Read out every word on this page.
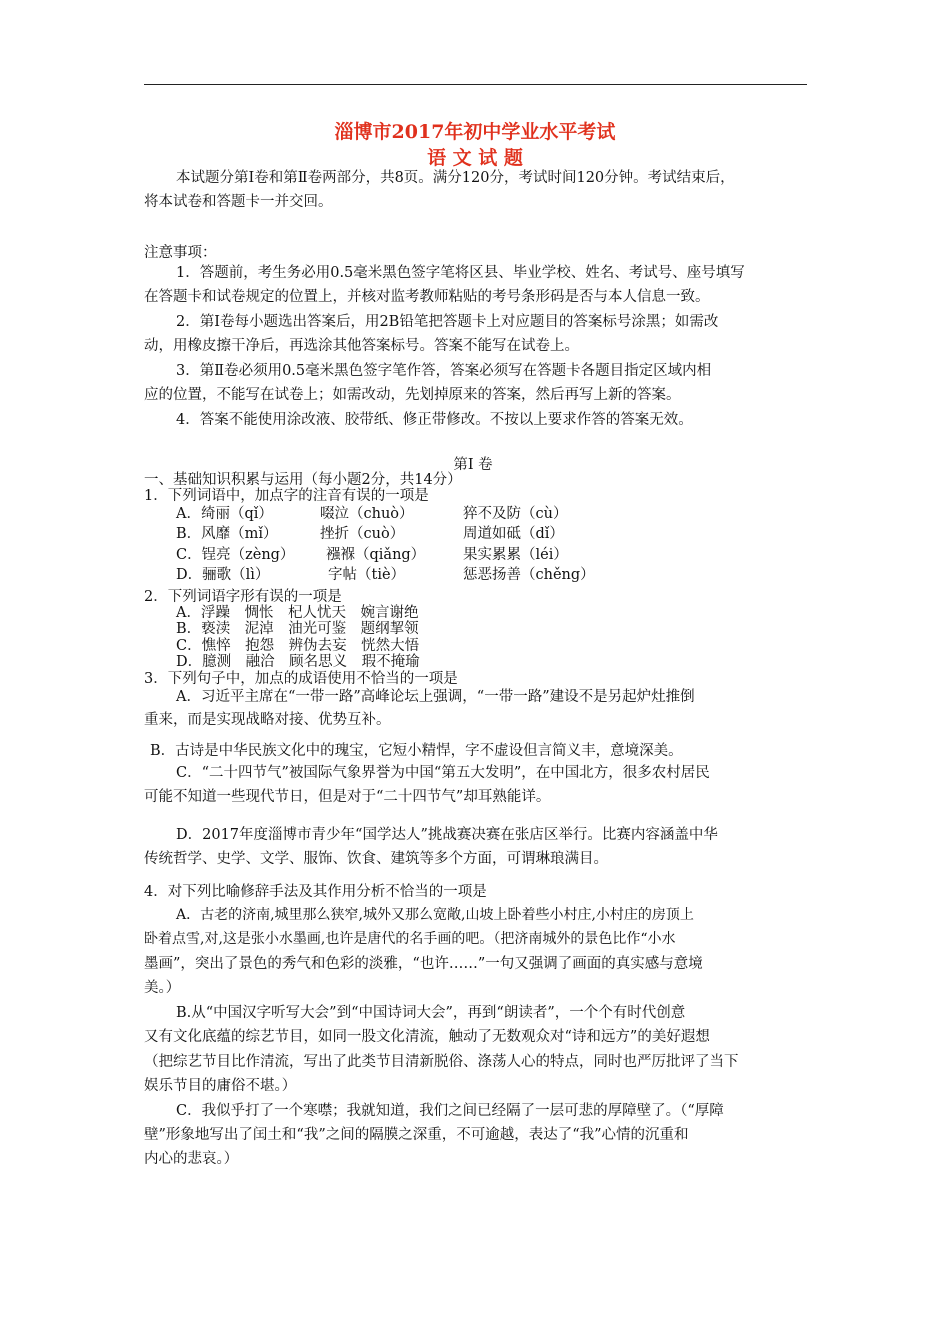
淄博市2017年初中学业水平考试
语 文 试 题
本试题分第Ⅰ卷和第Ⅱ卷两部分，共8页。满分120分，考试时间120分钟。考试结束后，
将本试卷和答题卡一并交回。
注意事项：
1．答题前，考生务必用0.5毫米黑色签字笔将区县、毕业学校、姓名、考试号、座号填写
在答题卡和试卷规定的位置上，并核对监考教师粘贴的考号条形码是否与本人信息一致。
2．第Ⅰ卷每小题选出答案后，用2B铅笔把答题卡上对应题目的答案标号涂黑；如需改
动，用橡皮擦干净后，再选涂其他答案标号。答案不能写在试卷上。
3．第Ⅱ卷必须用0.5毫米黑色签字笔作答，答案必须写在答题卡各题目指定区域内相
应的位置，不能写在试卷上；如需改动，先划掉原来的答案，然后再写上新的答案。
4．答案不能使用涂改液、胶带纸、修正带修改。不按以上要求作答的答案无效。
第Ⅰ 卷
一、基础知识积累与运用（每小题2分，共14分）
1．下列词语中，加点字的注音有误的一项是
A．绮丽（qǐ）	啜泣（chuò）	猝不及防（cù）
B．风靡（mǐ）	挫折（cuò）	周道如砥（dǐ）
C．锃亮（zèng） 襁褓（qiǎng）	果实累累（léi）
D．骊歌（lì）	字帖（tiè）	惩恶扬善（chěng）
2．下列词语字形有误的一项是
A．浮躁　惆怅　杞人忧天　婉言谢绝
B．亵渎　泥淖　油光可鉴　题纲挈领
C．憔悴　抱怨　辨伪去妄　恍然大悟
D．臆测　融洽　顾名思义　瑕不掩瑜
3．下列句子中，加点的成语使用不恰当的一项是
A．习近平主席在“一带一路”高峰论坛上强调，“一带一路”建设不是另起炉灶推倒
重来，而是实现战略对接、优势互补。
B．古诗是中华民族文化中的瑰宝，它短小精悍，字不虚设但言简义丰，意境深美。
C．“二十四节气”被国际气象界誉为中国“第五大发明”，在中国北方，很多农村居民
可能不知道一些现代节日，但是对于“二十四节气”却耳熟能详。
D．2017年度淄博市青少年“国学达人”挑战赛决赛在张店区举行。比赛内容涵盖中华
传统哲学、史学、文学、服饰、饮食、建筑等多个方面，可谓琳琅满目。
4．对下列比喻修辞手法及其作用分析不恰当的一项是
A．古老的济南,城里那么狭窄,城外又那么宽敞,山坡上卧着些小村庄,小村庄的房顶上
卧着点雪,对,这是张小水墨画,也许是唐代的名手画的吧。（把济南城外的景色比作“小水
墨画”，突出了景色的秀气和色彩的淡雅，“也许……”一句又强调了画面的真实感与意境
美。）
B.从“中国汉字听写大会”到“中国诗词大会”，再到“朗读者”，一个个有时代创意
又有文化底蕴的综艺节目，如同一股文化清流，触动了无数观众对“诗和远方”的美好遐想
（把综艺节目比作清流，写出了此类节目清新脱俗、涤荡人心的特点，同时也严厉批评了当下
娱乐节目的庸俗不堪。）
C．我似乎打了一个寒噤；我就知道，我们之间已经隔了一层可悲的厚障壁了。（“厚障
壁”形象地写出了闰土和“我”之间的隔膜之深重，不可逾越，表达了“我”心情的沉重和
内心的悲哀。）
